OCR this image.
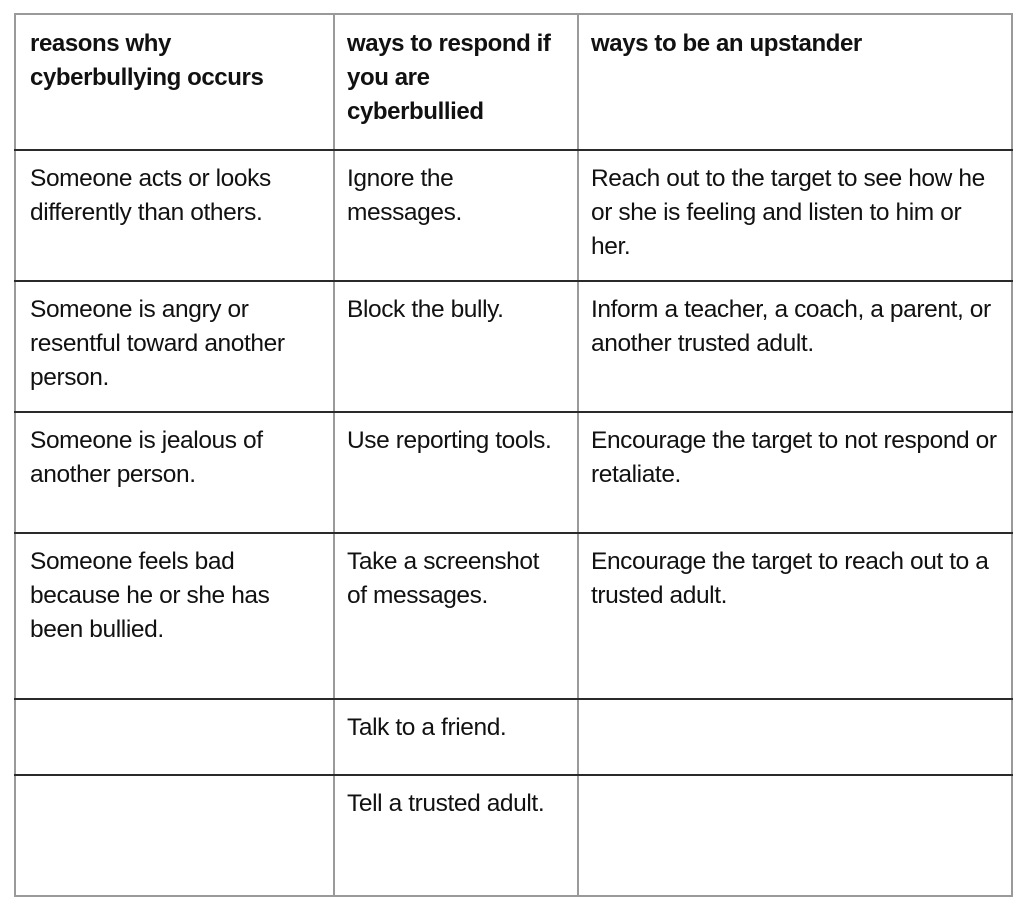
reasons why cyberbullying occurs	ways to respond if you are cyberbullied	ways to be an upstander
Someone acts or looks differently than others.	Ignore the messages.	Reach out to the target to see how he or she is feeling and listen to him or her.
Someone is angry or resentful toward another person.	Block the bully.	Inform a teacher, a coach, a parent, or another trusted adult.
Someone is jealous of another person.	Use reporting tools.	Encourage the target to not respond or retaliate.
Someone feels bad because he or she has been bullied.	Take a screenshot of messages.	Encourage the target to reach out to a trusted adult.
	Talk to a friend.	
	Tell a trusted adult.	
